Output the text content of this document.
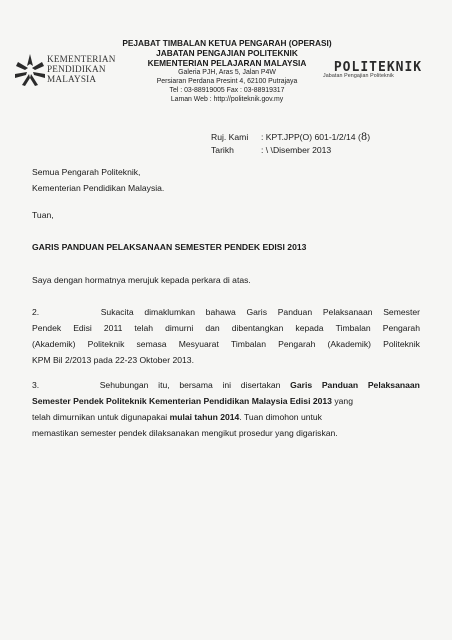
KEMENTERIAN
PENDIDIKAN
MALAYSIA
PEJABAT TIMBALAN KETUA PENGARAH (OPERASI)
JABATAN PENGAJIAN POLITEKNIK
KEMENTERIAN PELAJARAN MALAYSIA
Galeria PJH, Aras 5, Jalan P4W
Persiaran Perdana Presint 4, 62100 Putrajaya
Tel : 03-88919005 Fax : 03-88919317
Laman Web : http://politeknik.gov.my
POLITEKNIK
Jabatan Pengajian Politeknik
Ruj. Kami : KPT.JPP(O) 601-1/2/14 (8)
Tarikh	: \ \Disember 2013
Semua Pengarah Politeknik,
Kementerian Pendidikan Malaysia.
Tuan,
GARIS PANDUAN PELAKSANAAN SEMESTER PENDEK EDISI 2013
Saya dengan hormatnya merujuk kepada perkara di atas.
2.	Sukacita dimaklumkan bahawa Garis Panduan Pelaksanaan Semester
Pendek Edisi 2011 telah dimurni dan dibentangkan kepada Timbalan Pengarah
(Akademik) Politeknik semasa Mesyuarat Timbalan Pengarah (Akademik) Politeknik
KPM Bil 2/2013 pada 22-23 Oktober 2013.
3.	Sehubungan itu, bersama ini disertakan Garis Panduan Pelaksanaan
Semester Pendek Politeknik Kementerian Pendidikan Malaysia Edisi 2013 yang
telah dimurnikan untuk digunapakai mulai tahun 2014. Tuan dimohon untuk
memastikan semester pendek dilaksanakan mengikut prosedur yang digariskan.
